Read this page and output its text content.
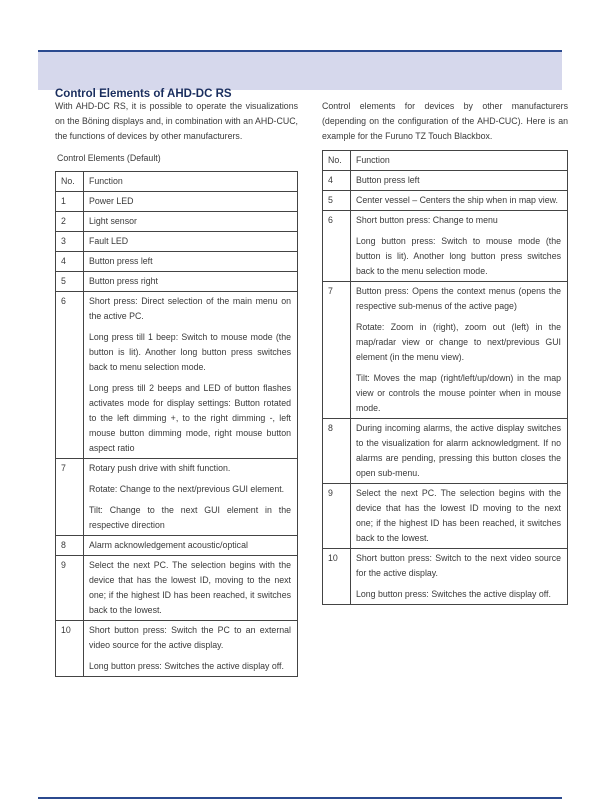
Control Elements of AHD-DC RS

With AHD-DC RS, it is possible to operate the visualizations on the Böning displays and, in combination with an AHD-CUC, the functions of devices by other manufacturers.

Control Elements (Default)

No.	Function
1	Power LED

2	Light sensor

3	Fault LED

4	Button press left

5	Button press right

6	Short press: Direct selection of the main menu on the active PC.

Long press till 1 beep: Switch to mouse mode (the button is lit). Another long button press switches back to menu selection mode.

Long press till 2 beeps and LED of button flashes activates mode for display settings: Button rotated to the left dimming +, to the right dimming -, left mouse button dimming mode, right mouse button aspect ratio

7	Rotary push drive with shift function.

Rotate: Change to the next/previous GUI element.

Tilt: Change to the next GUI element in the respective direction

8	Alarm acknowledgement acoustic/optical

9	Select the next PC. The selection begins with the device that has the lowest ID, moving to the next one; if the highest ID has been reached, it switches back to the lowest.

10	Short button press: Switch the PC to an external video source for the active display.

Long button press: Switches the active display off.

Control elements for devices by other manufacturers (depending on the configuration of the AHD-CUC). Here is an example for the Furuno TZ Touch Blackbox.

No.	Function
4	Button press left

5	Center vessel – Centers the ship when in map view.

6	Short button press: Change to menu

Long button press: Switch to mouse mode (the button is lit). Another long button press switches back to the menu selection mode.

7	Button press: Opens the context menus (opens the respective sub-menus of the active page)

Rotate: Zoom in (right), zoom out (left) in the map/radar view or change to next/previous GUI element (in the menu view).

Tilt: Moves the map (right/left/up/down) in the map view or controls the mouse pointer when in mouse mode.

8	During incoming alarms, the active display switches to the visualization for alarm acknowledgment. If no alarms are pending, pressing this button closes the open sub-menu.

9	Select the next PC. The selection begins with the device that has the lowest ID moving to the next one; if the highest ID has been reached, it switches back to the lowest.

10	Short button press: Switch to the next video source for the active display.

Long button press: Switches the active display off.
